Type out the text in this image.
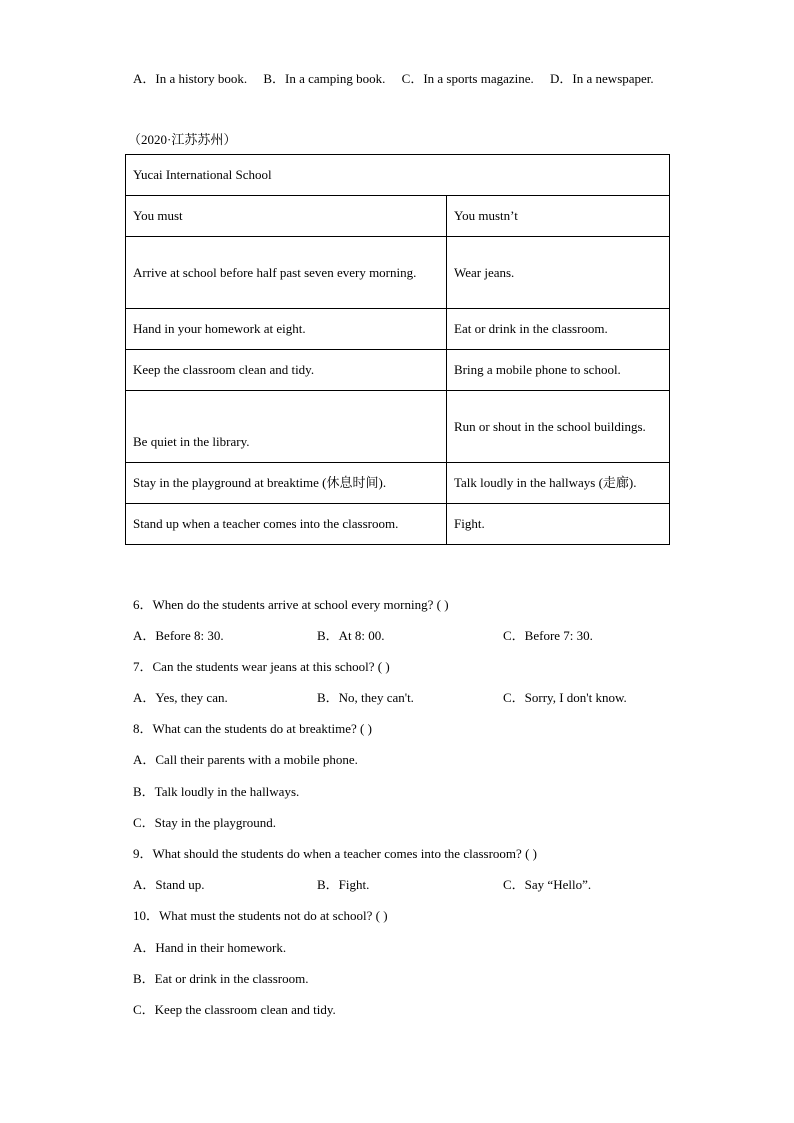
A．In a history book. B．In a camping book. C．In a sports magazine. D．In a newspaper.
（2020·江苏苏州）
Yucai International School	
You must	You mustn’t
Arrive at school before half past seven every morning.	Wear jeans.
Hand in your homework at eight.	Eat or drink in the classroom.
Keep the classroom clean and tidy.	Bring a mobile phone to school.
Be quiet in the library.	Run or shout in the school buildings.
Stay in the playground at breaktime (休息时间).	Talk loudly in the hallways (走廊).
Stand up when a teacher comes into the classroom.	Fight.
6．When do the students arrive at school every morning? ( )
A．Before 8: 30.	B．At 8: 00.	C．Before 7: 30.
7．Can the students wear jeans at this school? ( )
A．Yes, they can.	B．No, they can't.	C．Sorry, I don't know.
8．What can the students do at breaktime? ( )
A．Call their parents with a mobile phone.
B．Talk loudly in the hallways.
C．Stay in the playground.
9．What should the students do when a teacher comes into the classroom? ( )
A．Stand up.	B．Fight.	C．Say “Hello”.
10．What must the students not do at school? ( )
A．Hand in their homework.
B．Eat or drink in the classroom.
C．Keep the classroom clean and tidy.
